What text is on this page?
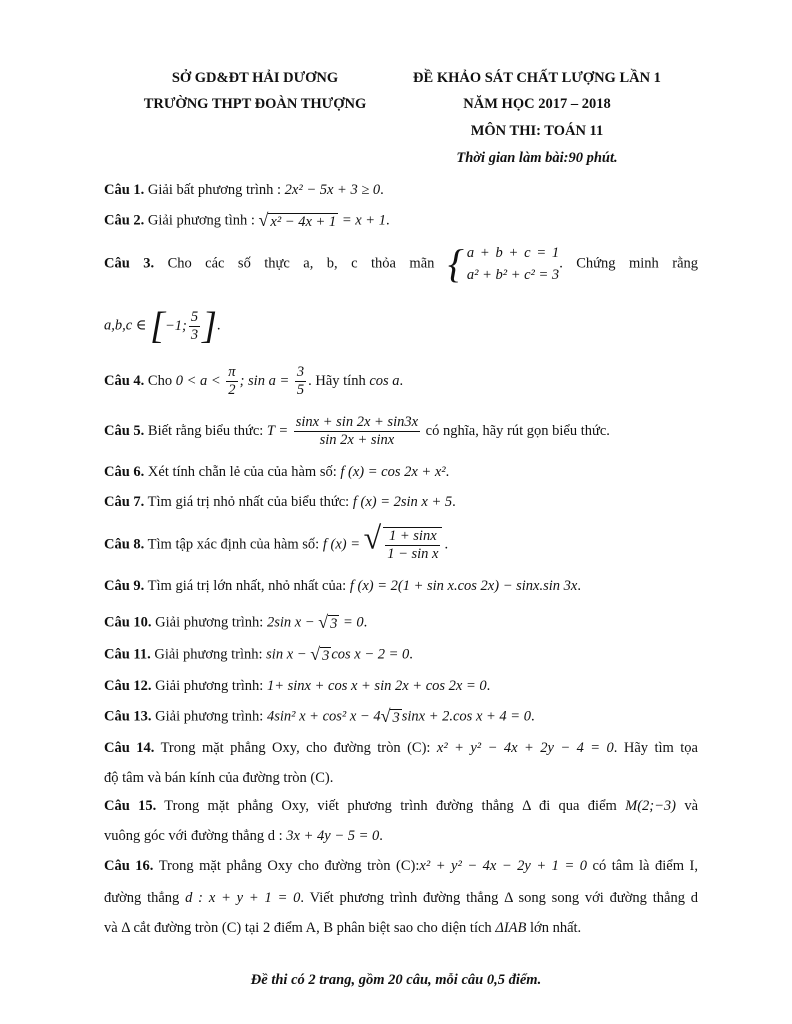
SỞ GD&ĐT HẢI DƯƠNG
TRƯỜNG THPT ĐOÀN THƯỢNG
ĐỀ KHẢO SÁT CHẤT LƯỢNG LẦN 1
NĂM HỌC 2017 – 2018
MÔN THI: TOÁN 11
Thời gian làm bài:90 phút.
Câu 1. Giải bất phương trình : 2x² − 5x + 3 ≥ 0.
Câu 2. Giải phương tình : √ x² − 4x + 1 = x + 1.
Câu 3. Cho các số thực a, b, c thỏa mãn { a + b + c = 1
a² + b² + c² = 3
. Chứng minh rằng
a,b,c ∈ [ −1; $\frac{5}{3}$ ] .
Câu 4. Cho $0 < a < \frac{\pi}{2}$ ; $\sin a = \frac{3}{5}$ . Hãy tính cos a.
Câu 5. Biết rằng biểu thức: $T = \frac{\sin x + \sin 2x + \sin 3x}{\sin 2x + \sin x}$ có nghĩa, hãy rút gọn biểu thức.
Câu 6. Xét tính chẵn lẻ của của hàm số: f (x) = cos 2x + x².
Câu 7. Tìm giá trị nhỏ nhất của biểu thức: f (x) = 2sin x + 5.
Câu 8. Tìm tập xác định của hàm số: f (x) = √ $\frac{1 + \sin x}{\text{1 − sin x}}$ .
Câu 9. Tìm giá trị lớn nhất, nhỏ nhất của: f (x) = 2(1 + sin x.cos 2x) − sinx.sin 3x.
Câu 10. Giải phương trình: 2sin x − √ 3 = 0.
Câu 11. Giải phương trình: sin x − √ 3 cos x − 2 = 0.
Câu 12. Giải phương trình: 1+ sinx + cos x + sin 2x + cos 2x = 0.
Câu 13. Giải phương trình: 4sin² x + cos² x − 4√ 3 sinx + 2.cos x + 4 = 0.
Câu 14. Trong mặt phẳng Oxy, cho đường tròn (C): x² + y² − 4x + 2y − 4 = 0. Hãy tìm tọa
độ tâm và bán kính của đường tròn (C).
Câu 15. Trong mặt phẳng Oxy, viết phương trình đường thẳng Δ đi qua điểm M(2;−3) và
vuông góc với đường thẳng d : 3x + 4y − 5 = 0.
Câu 16. Trong mặt phẳng Oxy cho đường tròn (C):x² + y² − 4x − 2y + 1 = 0 có tâm là điểm I,
đường thẳng d : x + y + 1 = 0. Viết phương trình đường thẳng Δ song song với đường thẳng d
và Δ cắt đường tròn (C) tại 2 điểm A, B phân biệt sao cho diện tích ΔIAB lớn nhất.
Đề thi có 2 trang, gồm 20 câu, mỗi câu 0,5 điểm.
